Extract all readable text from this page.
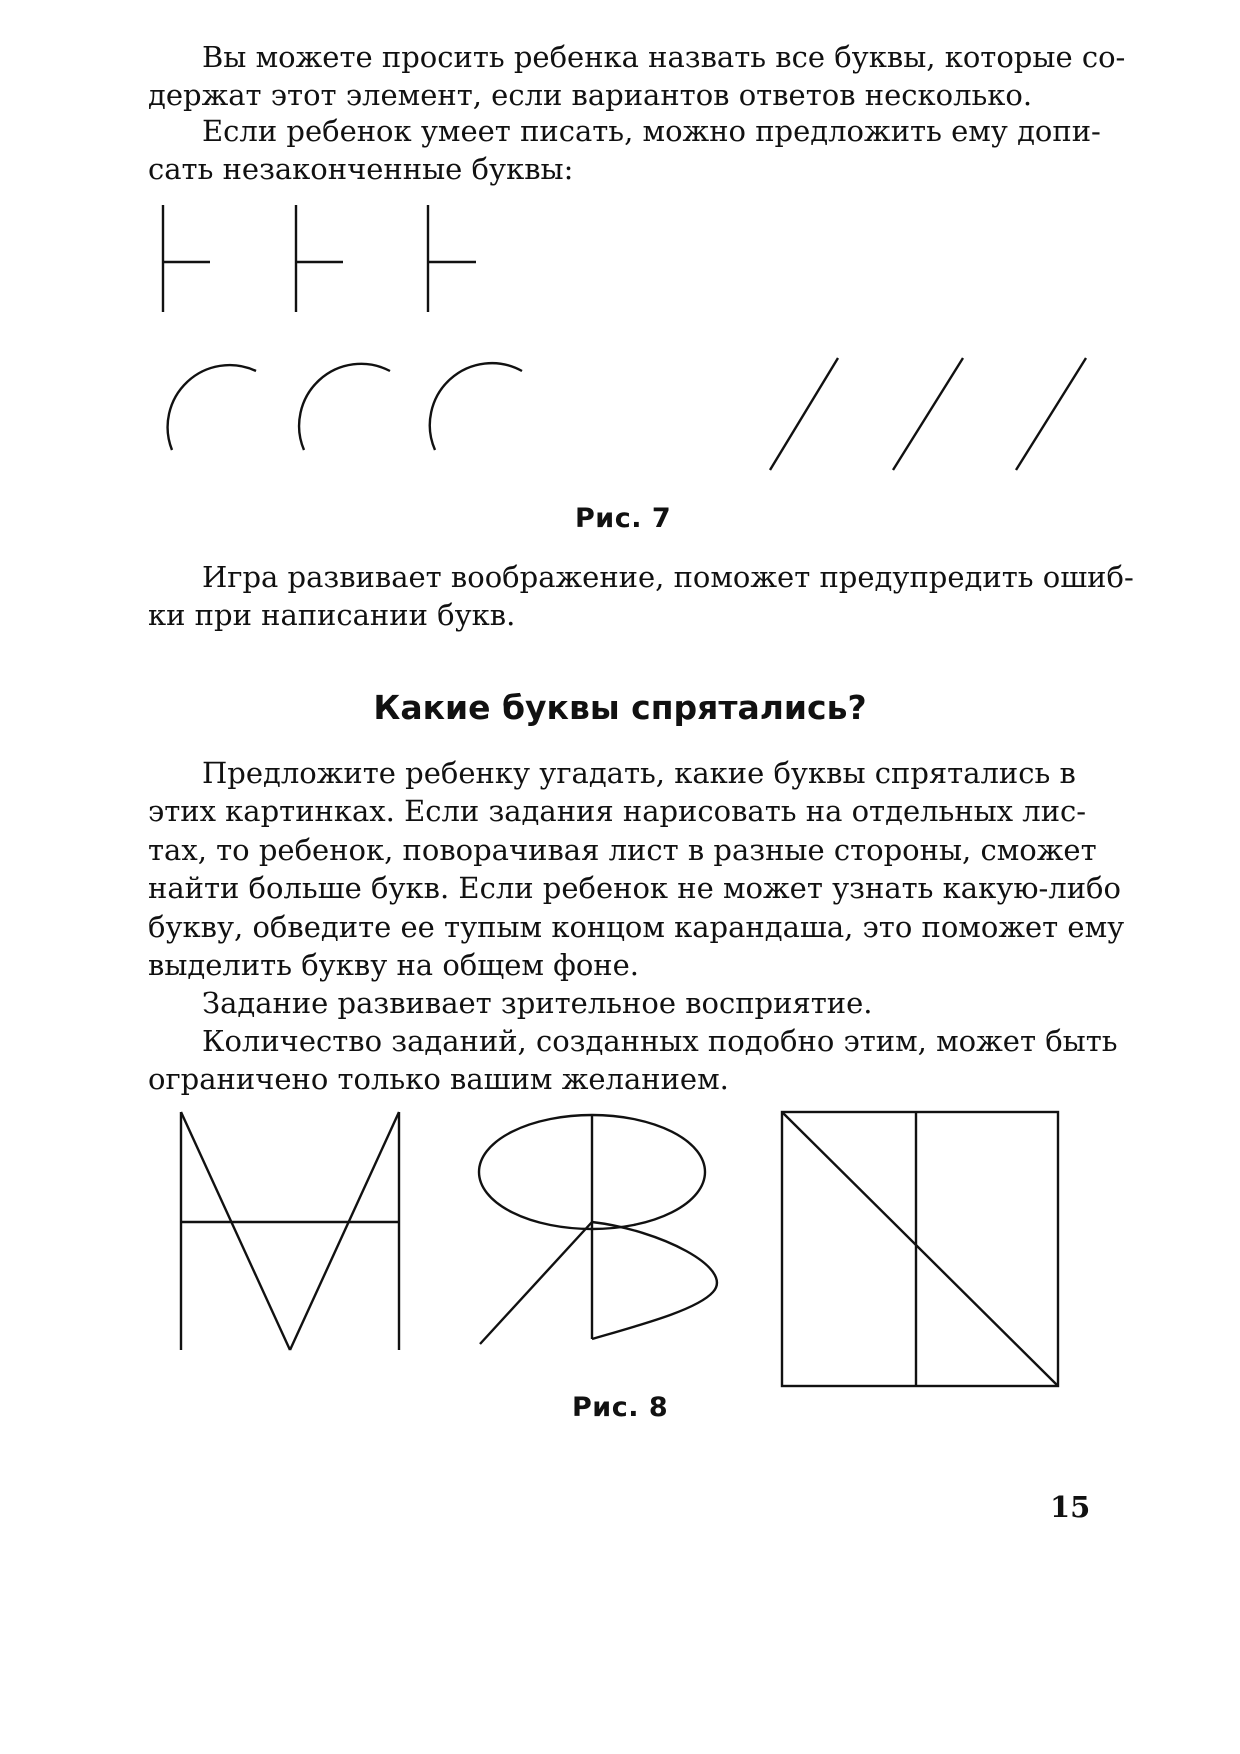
Вы можете просить ребенка назвать все буквы, которые со-
держат этот элемент, если вариантов ответов несколько.

Если ребенок умеет писать, можно предложить ему допи-
сать незаконченные буквы:

Рис. 7

Игра развивает воображение, поможет предупредить ошиб-
ки при написании букв.

Какие буквы спрятались?

Предложите ребенку угадать, какие буквы спрятались в
этих картинках. Если задания нарисовать на отдельных лис-
тах, то ребенок, поворачивая лист в разные стороны, сможет
найти больше букв. Если ребенок не может узнать какую-либо
букву, обведите ее тупым концом карандаша, это поможет ему
выделить букву на общем фоне.

Задание развивает зрительное восприятие.

Количество заданий, созданных подобно этим, может быть
ограничено только вашим желанием.

Рис. 8

15
